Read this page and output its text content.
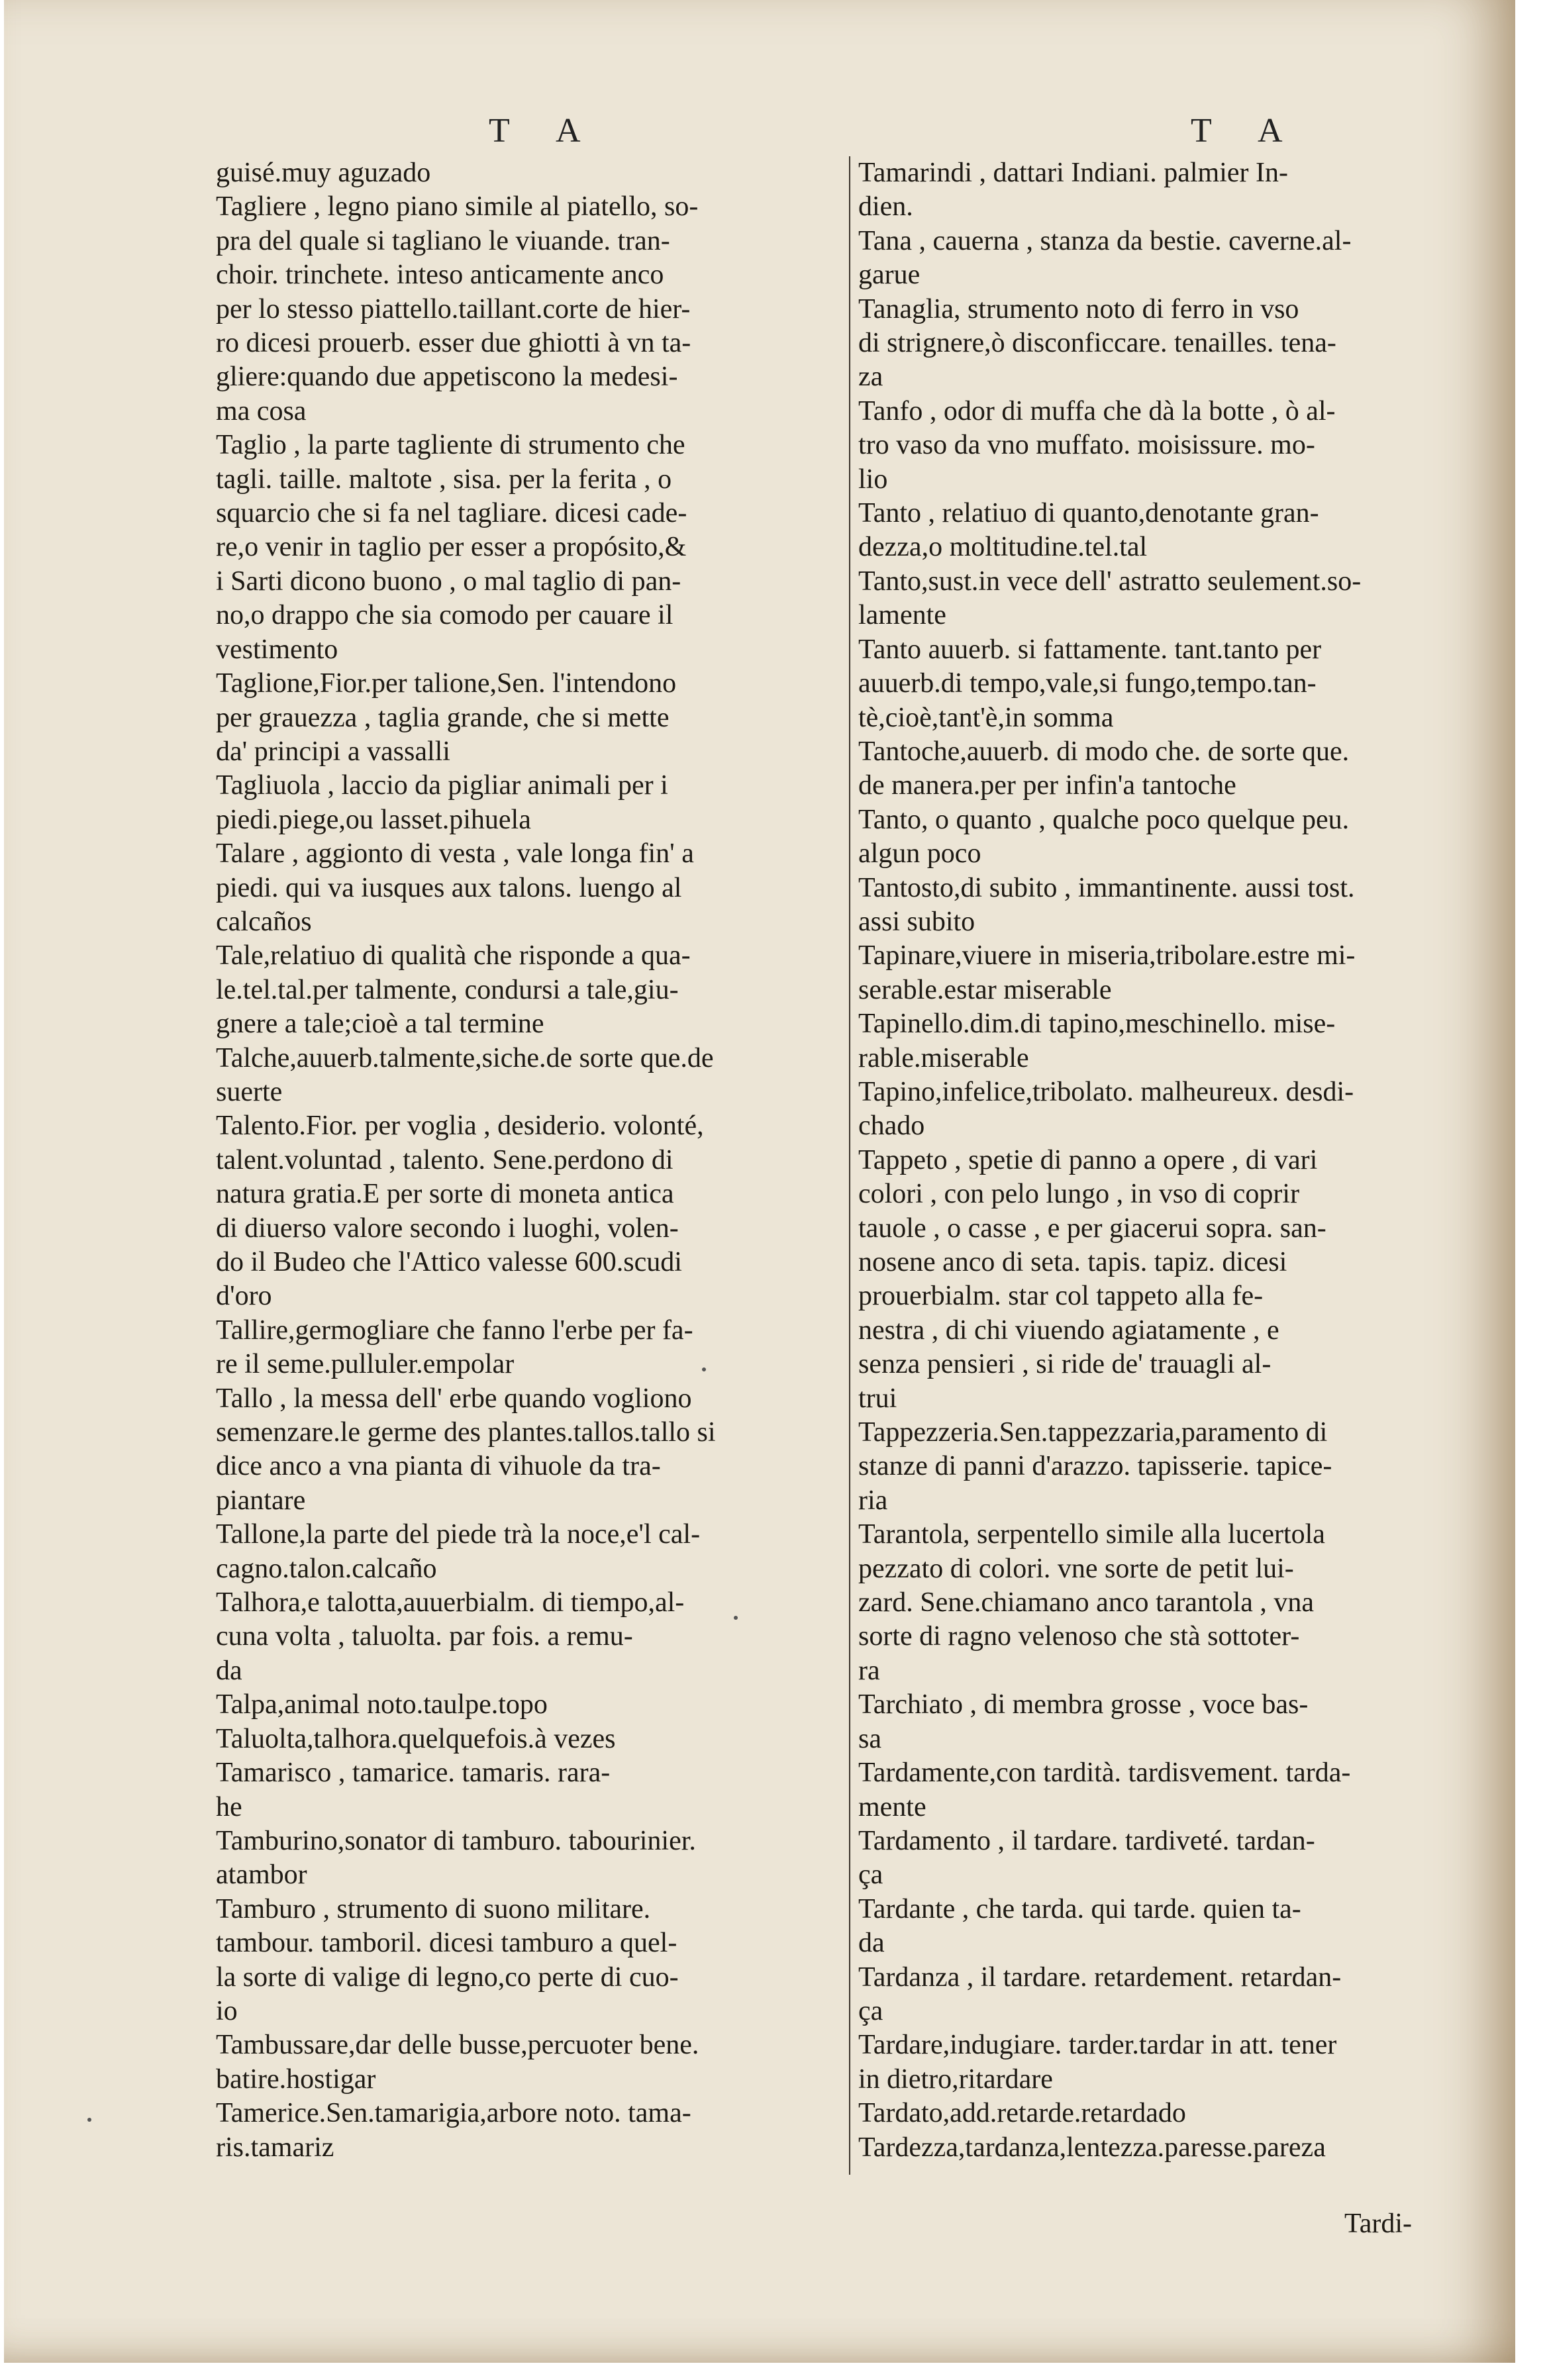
T A	T A

guisé.muy aguzado

Tagliere , legno piano simile al piatello, so-

pra del quale si tagliano le viuande. tran-

choir. trinchete. inteso anticamente anco

per lo stesso piattello.taillant.corte de hier-

ro dicesi prouerb. esser due ghiotti à vn ta-

gliere:quando due appetiscono la medesi-

ma cosa

Taglio , la parte tagliente di strumento che

tagli. taille. maltote , sisa. per la ferita , o

squarcio che si fa nel tagliare. dicesi cade-

re,o venir in taglio per esser a propósito,&

i Sarti dicono buono , o mal taglio di pan-

no,o drappo che sia comodo per cauare il

vestimento

Taglione,Fior.per talione,Sen. l'intendono

per grauezza , taglia grande, che si mette

da' principi a vassalli

Tagliuola , laccio da pigliar animali per i

piedi.piege,ou lasset.pihuela

Talare , aggionto di vesta , vale longa fin' a

piedi. qui va iusques aux talons. luengo al

calcaños

Tale,relatiuo di qualità che risponde a qua-

le.tel.tal.per talmente, condursi a tale,giu-

gnere a tale;cioè a tal termine

Talche,auuerb.talmente,siche.de sorte que.de

suerte

Talento.Fior. per voglia , desiderio. volonté,

talent.voluntad , talento. Sene.perdono di

natura gratia.E per sorte di moneta antica

di diuerso valore secondo i luoghi, volen-

do il Budeo che l'Attico valesse 600.scudi

d'oro

Tallire,germogliare che fanno l'erbe per fa-

re il seme.pulluler.empolar

Tallo , la messa dell' erbe quando vogliono

semenzare.le germe des plantes.tallos.tallo si

dice anco a vna pianta di vihuole da tra-

piantare

Tallone,la parte del piede trà la noce,e'l cal-

cagno.talon.calcaño

Talhora,e talotta,auuerbialm. di tiempo,al-

cuna volta , taluolta. par fois. a remu-

da

Talpa,animal noto.taulpe.topo

Taluolta,talhora.quelquefois.à vezes

Tamarisco , tamarice. tamaris. rara-

he

Tamburino,sonator di tamburo. tabourinier.

atambor

Tamburo , strumento di suono militare.

tambour. tamboril. dicesi tamburo a quel-

la sorte di valige di legno,co perte di cuo-

io

Tambussare,dar delle busse,percuoter bene.

batire.hostigar

Tamerice.Sen.tamarigia,arbore noto. tama-

ris.tamariz

Tamarindi , dattari Indiani. palmier In-

dien.

Tana , cauerna , stanza da bestie. caverne.al-

garue

Tanaglia, strumento noto di ferro in vso

di strignere,ò disconficcare. tenailles. tena-

za

Tanfo , odor di muffa che dà la botte , ò al-

tro vaso da vno muffato. moisissure. mo-

lio

Tanto , relatiuo di quanto,denotante gran-

dezza,o moltitudine.tel.tal

Tanto,sust.in vece dell' astratto seulement.so-

lamente

Tanto auuerb. si fattamente. tant.tanto per

auuerb.di tempo,vale,si fungo,tempo.tan-

tè,cioè,tant'è,in somma

Tantoche,auuerb. di modo che. de sorte que.

de manera.per per infin'a tantoche

Tanto, o quanto , qualche poco quelque peu.

algun poco

Tantosto,di subito , immantinente. aussi tost.

assi subito

Tapinare,viuere in miseria,tribolare.estre mi-

serable.estar miserable

Tapinello.dim.di tapino,meschinello. mise-

rable.miserable

Tapino,infelice,tribolato. malheureux. desdi-

chado

Tappeto , spetie di panno a opere , di vari

colori , con pelo lungo , in vso di coprir

tauole , o casse , e per giacerui sopra. san-

nosene anco di seta. tapis. tapiz. dicesi

prouerbialm. star col tappeto alla fe-

nestra , di chi viuendo agiatamente , e

senza pensieri , si ride de' trauagli al-

trui

Tappezzeria.Sen.tappezzaria,paramento di

stanze di panni d'arazzo. tapisserie. tapice-

ria

Tarantola, serpentello simile alla lucertola

pezzato di colori. vne sorte de petit lui-

zard. Sene.chiamano anco tarantola , vna

sorte di ragno velenoso che stà sottoter-

ra

Tarchiato , di membra grosse , voce bas-

sa

Tardamente,con tardità. tardisvement. tarda-

mente

Tardamento , il tardare. tardiveté. tardan-

ça

Tardante , che tarda. qui tarde. quien ta-

da

Tardanza , il tardare. retardement. retardan-

ça

Tardare,indugiare. tarder.tardar in att. tener

in dietro,ritardare

Tardato,add.retarde.retardado

Tardezza,tardanza,lentezza.paresse.pareza

Tardi-
